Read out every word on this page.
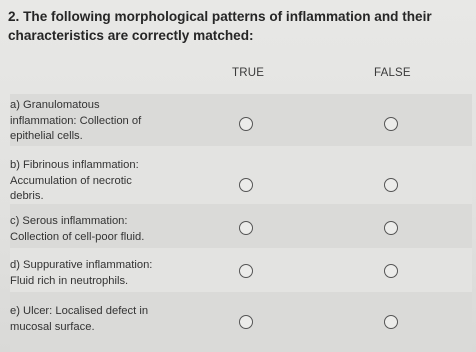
2. The following morphological patterns of inflammation and their characteristics are correctly matched:
TRUE	FALSE
a) Granulomatous
inflammation: Collection of
epithelial cells.
b) Fibrinous inflammation:
Accumulation of necrotic
debris.
c) Serous inflammation:
Collection of cell-poor fluid.
d) Suppurative inflammation:
Fluid rich in neutrophils.
e) Ulcer: Localised defect in
mucosal surface.
